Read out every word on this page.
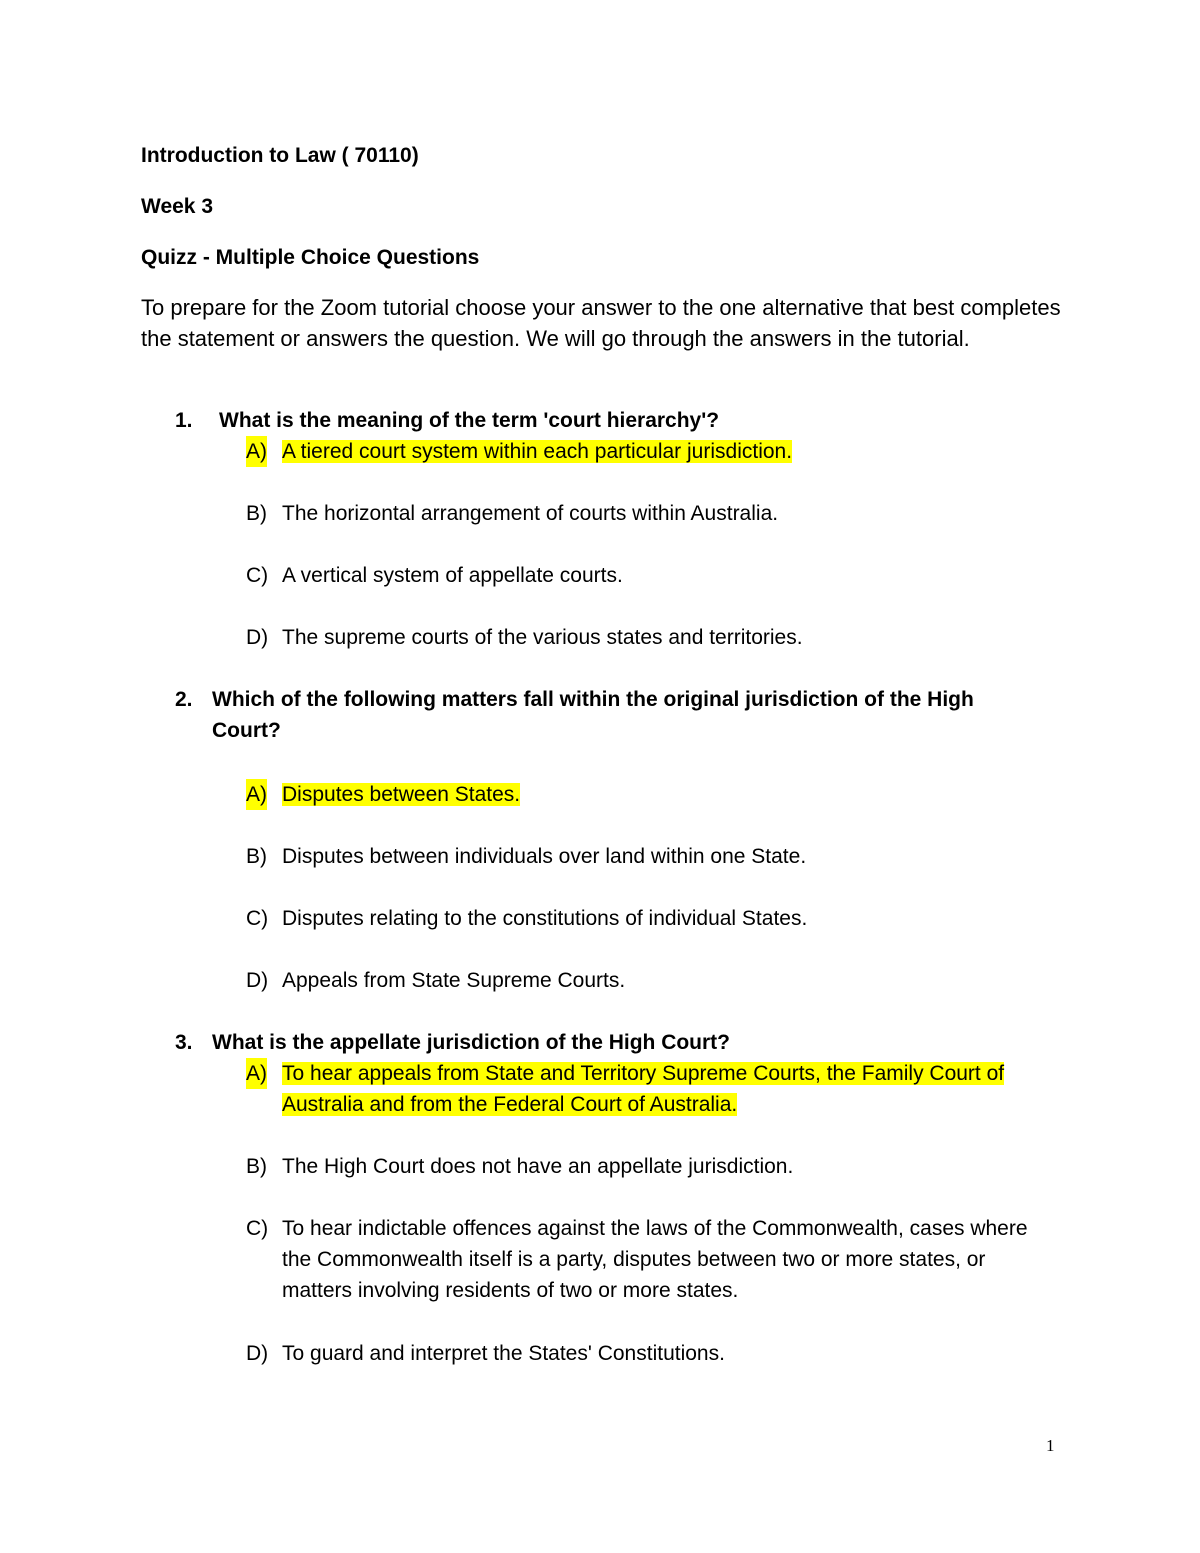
Introduction to Law ( 70110)
Week 3
Quizz - Multiple Choice Questions
To prepare for the Zoom tutorial choose your answer to the one alternative that best completes the statement or answers the question. We will go through the answers in the tutorial.
1. What is the meaning of the term 'court hierarchy'?
A) A tiered court system within each particular jurisdiction.
B) The horizontal arrangement of courts within Australia.
C) A vertical system of appellate courts.
D) The supreme courts of the various states and territories.
2. Which of the following matters fall within the original jurisdiction of the High Court?
A) Disputes between States.
B) Disputes between individuals over land within one State.
C) Disputes relating to the constitutions of individual States.
D) Appeals from State Supreme Courts.
3. What is the appellate jurisdiction of the High Court?
A) To hear appeals from State and Territory Supreme Courts, the Family Court of Australia and from the Federal Court of Australia.
B) The High Court does not have an appellate jurisdiction.
C) To hear indictable offences against the laws of the Commonwealth, cases where the Commonwealth itself is a party, disputes between two or more states, or matters involving residents of two or more states.
D) To guard and interpret the States' Constitutions.
1
